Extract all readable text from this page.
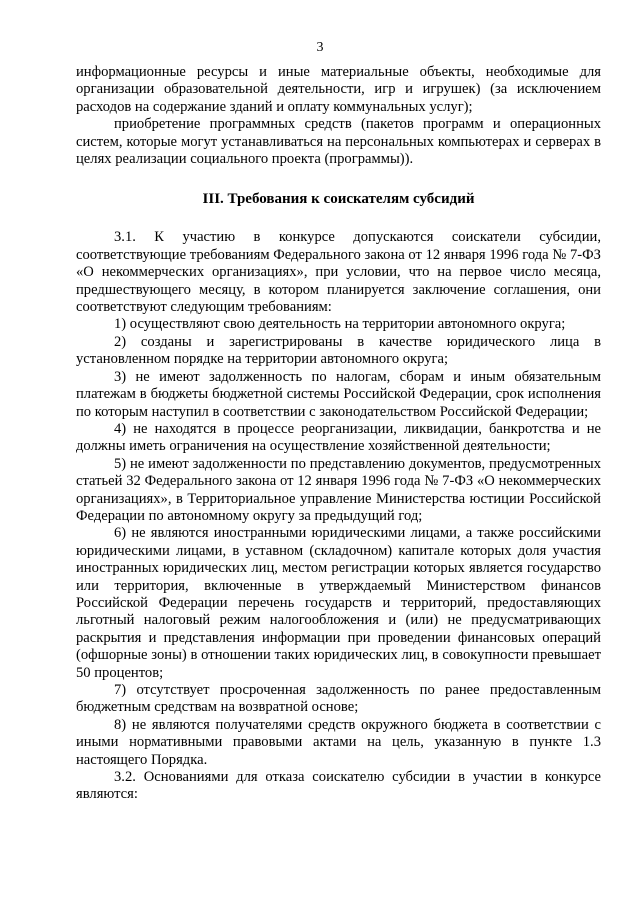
3

информационные ресурсы и иные материальные объекты, необходимые для организации образовательной деятельности, игр и игрушек) (за исключением расходов на содержание зданий и оплату коммунальных услуг);

приобретение программных средств (пакетов программ и операционных систем, которые могут устанавливаться на персональных компьютерах и серверах в целях реализации социального проекта (программы)).

III. Требования к соискателям субсидий

3.1. К участию в конкурсе допускаются соискатели субсидии, соответствующие требованиям Федерального закона от 12 января 1996 года № 7-ФЗ «О некоммерческих организациях», при условии, что на первое число месяца, предшествующего месяцу, в котором планируется заключение соглашения, они соответствуют следующим требованиям:

1) осуществляют свою деятельность на территории автономного округа;

2) созданы и зарегистрированы в качестве юридического лица в установленном порядке на территории автономного округа;

3) не имеют задолженность по налогам, сборам и иным обязательным платежам в бюджеты бюджетной системы Российской Федерации, срок исполнения по которым наступил в соответствии с законодательством Российской Федерации;

4) не находятся в процессе реорганизации, ликвидации, банкротства и не должны иметь ограничения на осуществление хозяйственной деятельности;

5) не имеют задолженности по представлению документов, предусмотренных статьей 32 Федерального закона от 12 января 1996 года № 7-ФЗ «О некоммерческих организациях», в Территориальное управление Министерства юстиции Российской Федерации по автономному округу за предыдущий год;

6) не являются иностранными юридическими лицами, а также российскими юридическими лицами, в уставном (складочном) капитале которых доля участия иностранных юридических лиц, местом регистрации которых является государство или территория, включенные в утверждаемый Министерством финансов Российской Федерации перечень государств и территорий, предоставляющих льготный налоговый режим налогообложения и (или) не предусматривающих раскрытия и представления информации при проведении финансовых операций (офшорные зоны) в отношении таких юридических лиц, в совокупности превышает 50 процентов;

7) отсутствует просроченная задолженность по ранее предоставленным бюджетным средствам на возвратной основе;

8) не являются получателями средств окружного бюджета в соответствии с иными нормативными правовыми актами на цель, указанную в пункте 1.3 настоящего Порядка.

3.2. Основаниями для отказа соискателю субсидии в участии в конкурсе являются:
